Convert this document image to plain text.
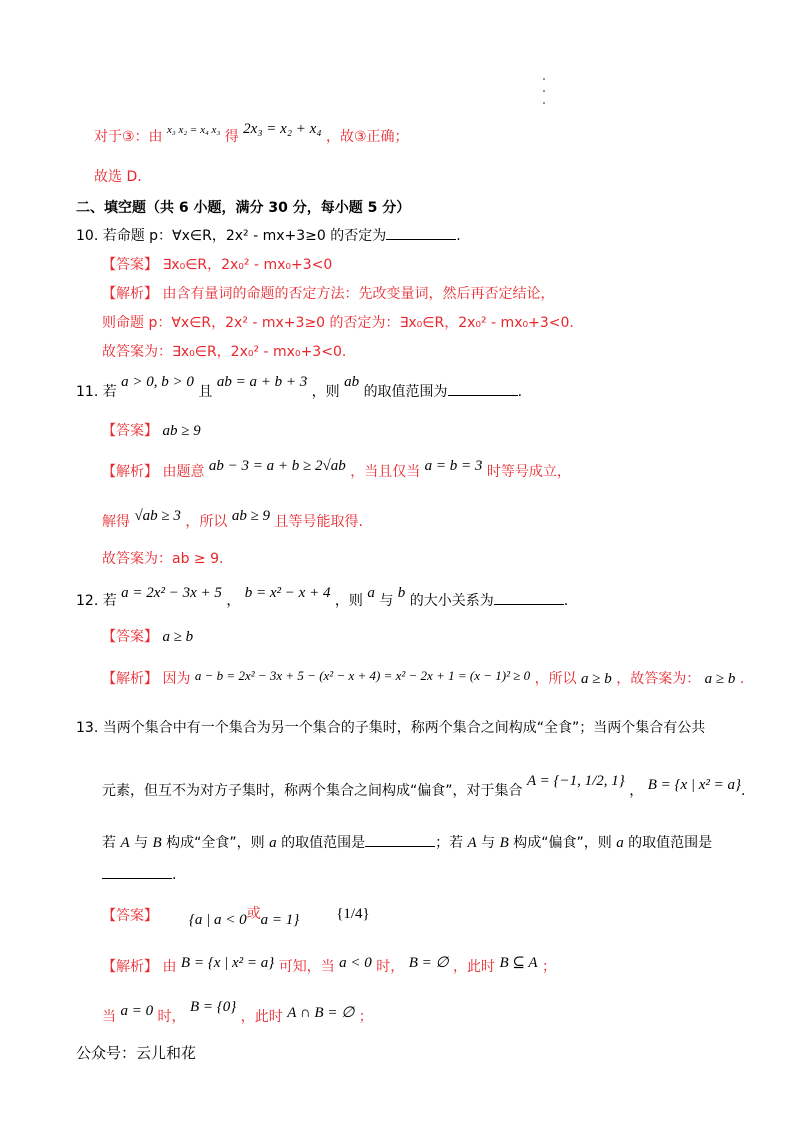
对于③：由 $^{x_3 x_2 = x_4 x_3}$ 得 2x₃ = x₂ + x₄ ，故③正确；
故选 D.
二、填空题（共 6 小题，满分 30 分，每小题 5 分）
10. 若命题 p：∀x∈R，2x² - mx+3≥0 的否定为	.
【答案】 ∃x₀∈R，2x₀² - mx₀+3<0
【解析】 由含有量词的命题的否定方法：先改变量词，然后再否定结论，
则命题 p：∀x∈R，2x² - mx+3≥0 的否定为：∃x₀∈R，2x₀² - mx₀+3<0.
故答案为：∃x₀∈R，2x₀² - mx₀+3<0.
11. 若 a > 0, b > 0 且 ab = a + b + 3 ，则 ab 的取值范围为	.
【答案】 ab ≥ 9
【解析】 由题意 ab − 3 = a + b ≥ 2√ab ，当且仅当 a = b = 3 时等号成立，
解得 √ab ≥ 3 ，所以 ab ≥ 9 且等号能取得.
故答案为：ab ≥ 9.
12. 若 a = 2x² − 3x + 5 ， b = x² − x + 4 ，则 a 与 b 的大小关系为	.
【答案】 a ≥ b
【解析】 因为 a − b = 2x² − 3x + 5 − (x² − x + 4) = x² − 2x + 1 = (x − 1)² ≥ 0 ，所以 a ≥ b ，故答案为： a ≥ b .
13. 当两个集合中有一个集合为另一个集合的子集时，称两个集合之间构成“全食”；当两个集合有公共
元素，但互不为对方子集时，称两个集合之间构成“偏食”，对于集合 A = {−1, 1/2, 1} ， B = {x | x² = a}.
若 A 与 B 构成“全食”，则 a 的取值范围是	；若 A 与 B 构成“偏食”，则 a 的取值范围是
.
【答案】 {a | a < 0或a = 1} {1/4}
【解析】 由 B = {x | x² = a} 可知，当 a < 0 时， B = ∅ ，此时 B ⊆ A ；
当 a = 0 时， B = {0} ，此时 A ∩ B = ∅ ；
公众号：云儿和花
